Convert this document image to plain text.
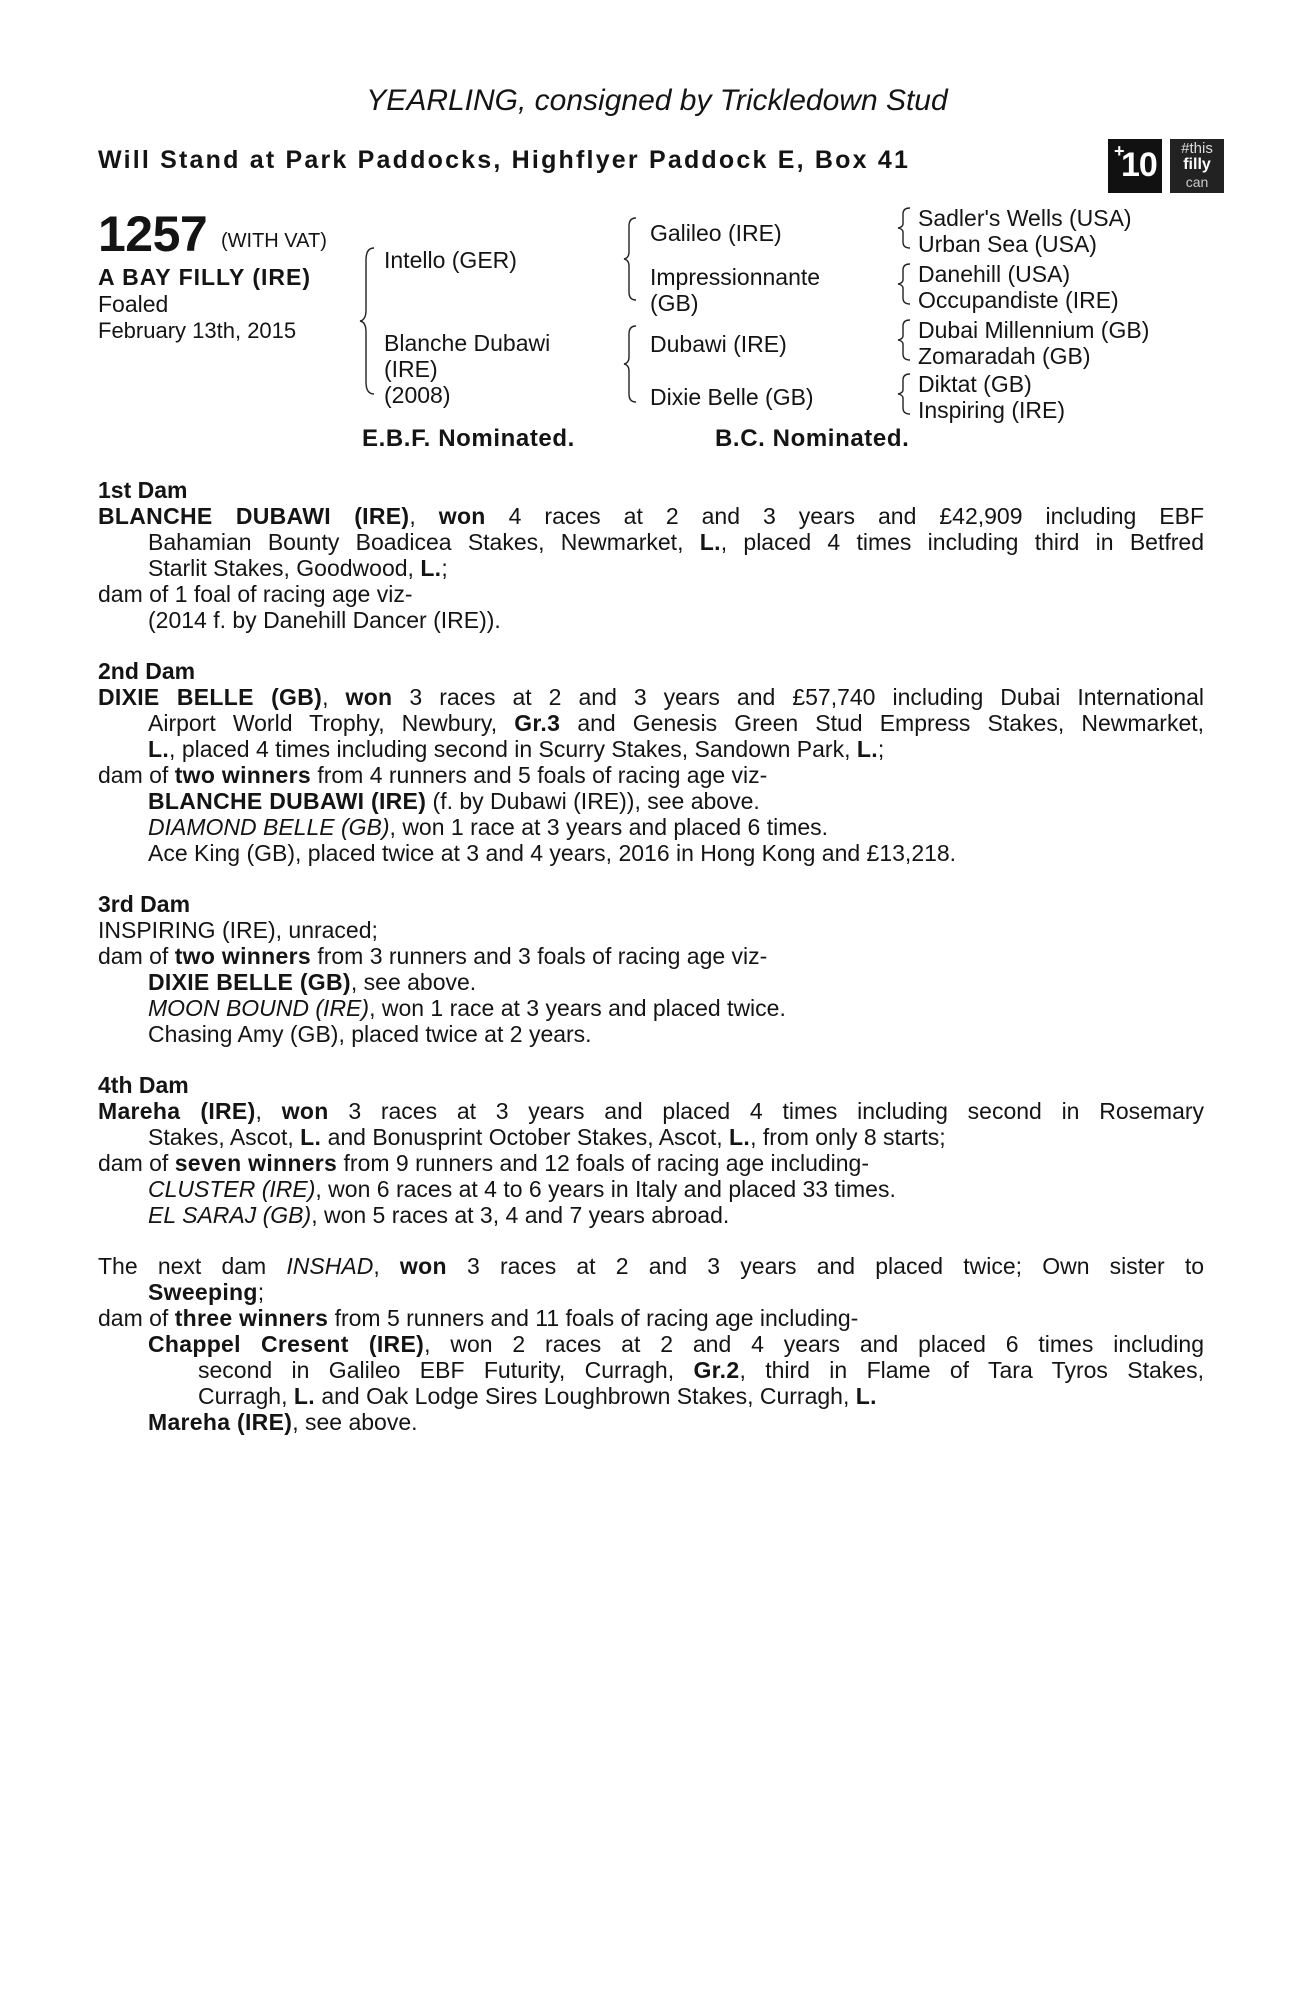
YEARLING, consigned by Trickledown Stud
Will Stand at Park Paddocks, Highflyer Paddock E, Box 41	+
10	#this
filly
can
1257 (WITH VAT)
A BAY FILLY (IRE)
Foaled
February 13th, 2015
Intello (GER)
Blanche Dubawi
(IRE)
(2008)
Galileo (IRE)
Impressionnante
(GB)
Dubawi (IRE)
Dixie Belle (GB)
Sadler's Wells (USA)
Urban Sea (USA)
Danehill (USA)
Occupandiste (IRE)
Dubai Millennium (GB)
Zomaradah (GB)
Diktat (GB)
Inspiring (IRE)
E.B.F. Nominated.	B.C. Nominated.
1st Dam
BLANCHE DUBAWI (IRE), won 4 races at 2 and 3 years and £42,909 including EBF
Bahamian Bounty Boadicea Stakes, Newmarket, L., placed 4 times including third in Betfred
Starlit Stakes, Goodwood, L.;
dam of 1 foal of racing age viz-
(2014 f. by Danehill Dancer (IRE)).
2nd Dam
DIXIE BELLE (GB), won 3 races at 2 and 3 years and £57,740 including Dubai International
Airport World Trophy, Newbury, Gr.3 and Genesis Green Stud Empress Stakes, Newmarket,
L., placed 4 times including second in Scurry Stakes, Sandown Park, L.;
dam of two winners from 4 runners and 5 foals of racing age viz-
BLANCHE DUBAWI (IRE) (f. by Dubawi (IRE)), see above.
DIAMOND BELLE (GB), won 1 race at 3 years and placed 6 times.
Ace King (GB), placed twice at 3 and 4 years, 2016 in Hong Kong and £13,218.
3rd Dam
INSPIRING (IRE), unraced;
dam of two winners from 3 runners and 3 foals of racing age viz-
DIXIE BELLE (GB), see above.
MOON BOUND (IRE), won 1 race at 3 years and placed twice.
Chasing Amy (GB), placed twice at 2 years.
4th Dam
Mareha (IRE), won 3 races at 3 years and placed 4 times including second in Rosemary
Stakes, Ascot, L. and Bonusprint October Stakes, Ascot, L., from only 8 starts;
dam of seven winners from 9 runners and 12 foals of racing age including-
CLUSTER (IRE), won 6 races at 4 to 6 years in Italy and placed 33 times.
EL SARAJ (GB), won 5 races at 3, 4 and 7 years abroad.
The next dam INSHAD, won 3 races at 2 and 3 years and placed twice; Own sister to
Sweeping;
dam of three winners from 5 runners and 11 foals of racing age including-
Chappel Cresent (IRE), won 2 races at 2 and 4 years and placed 6 times including
second in Galileo EBF Futurity, Curragh, Gr.2, third in Flame of Tara Tyros Stakes,
Curragh, L. and Oak Lodge Sires Loughbrown Stakes, Curragh, L.
Mareha (IRE), see above.
